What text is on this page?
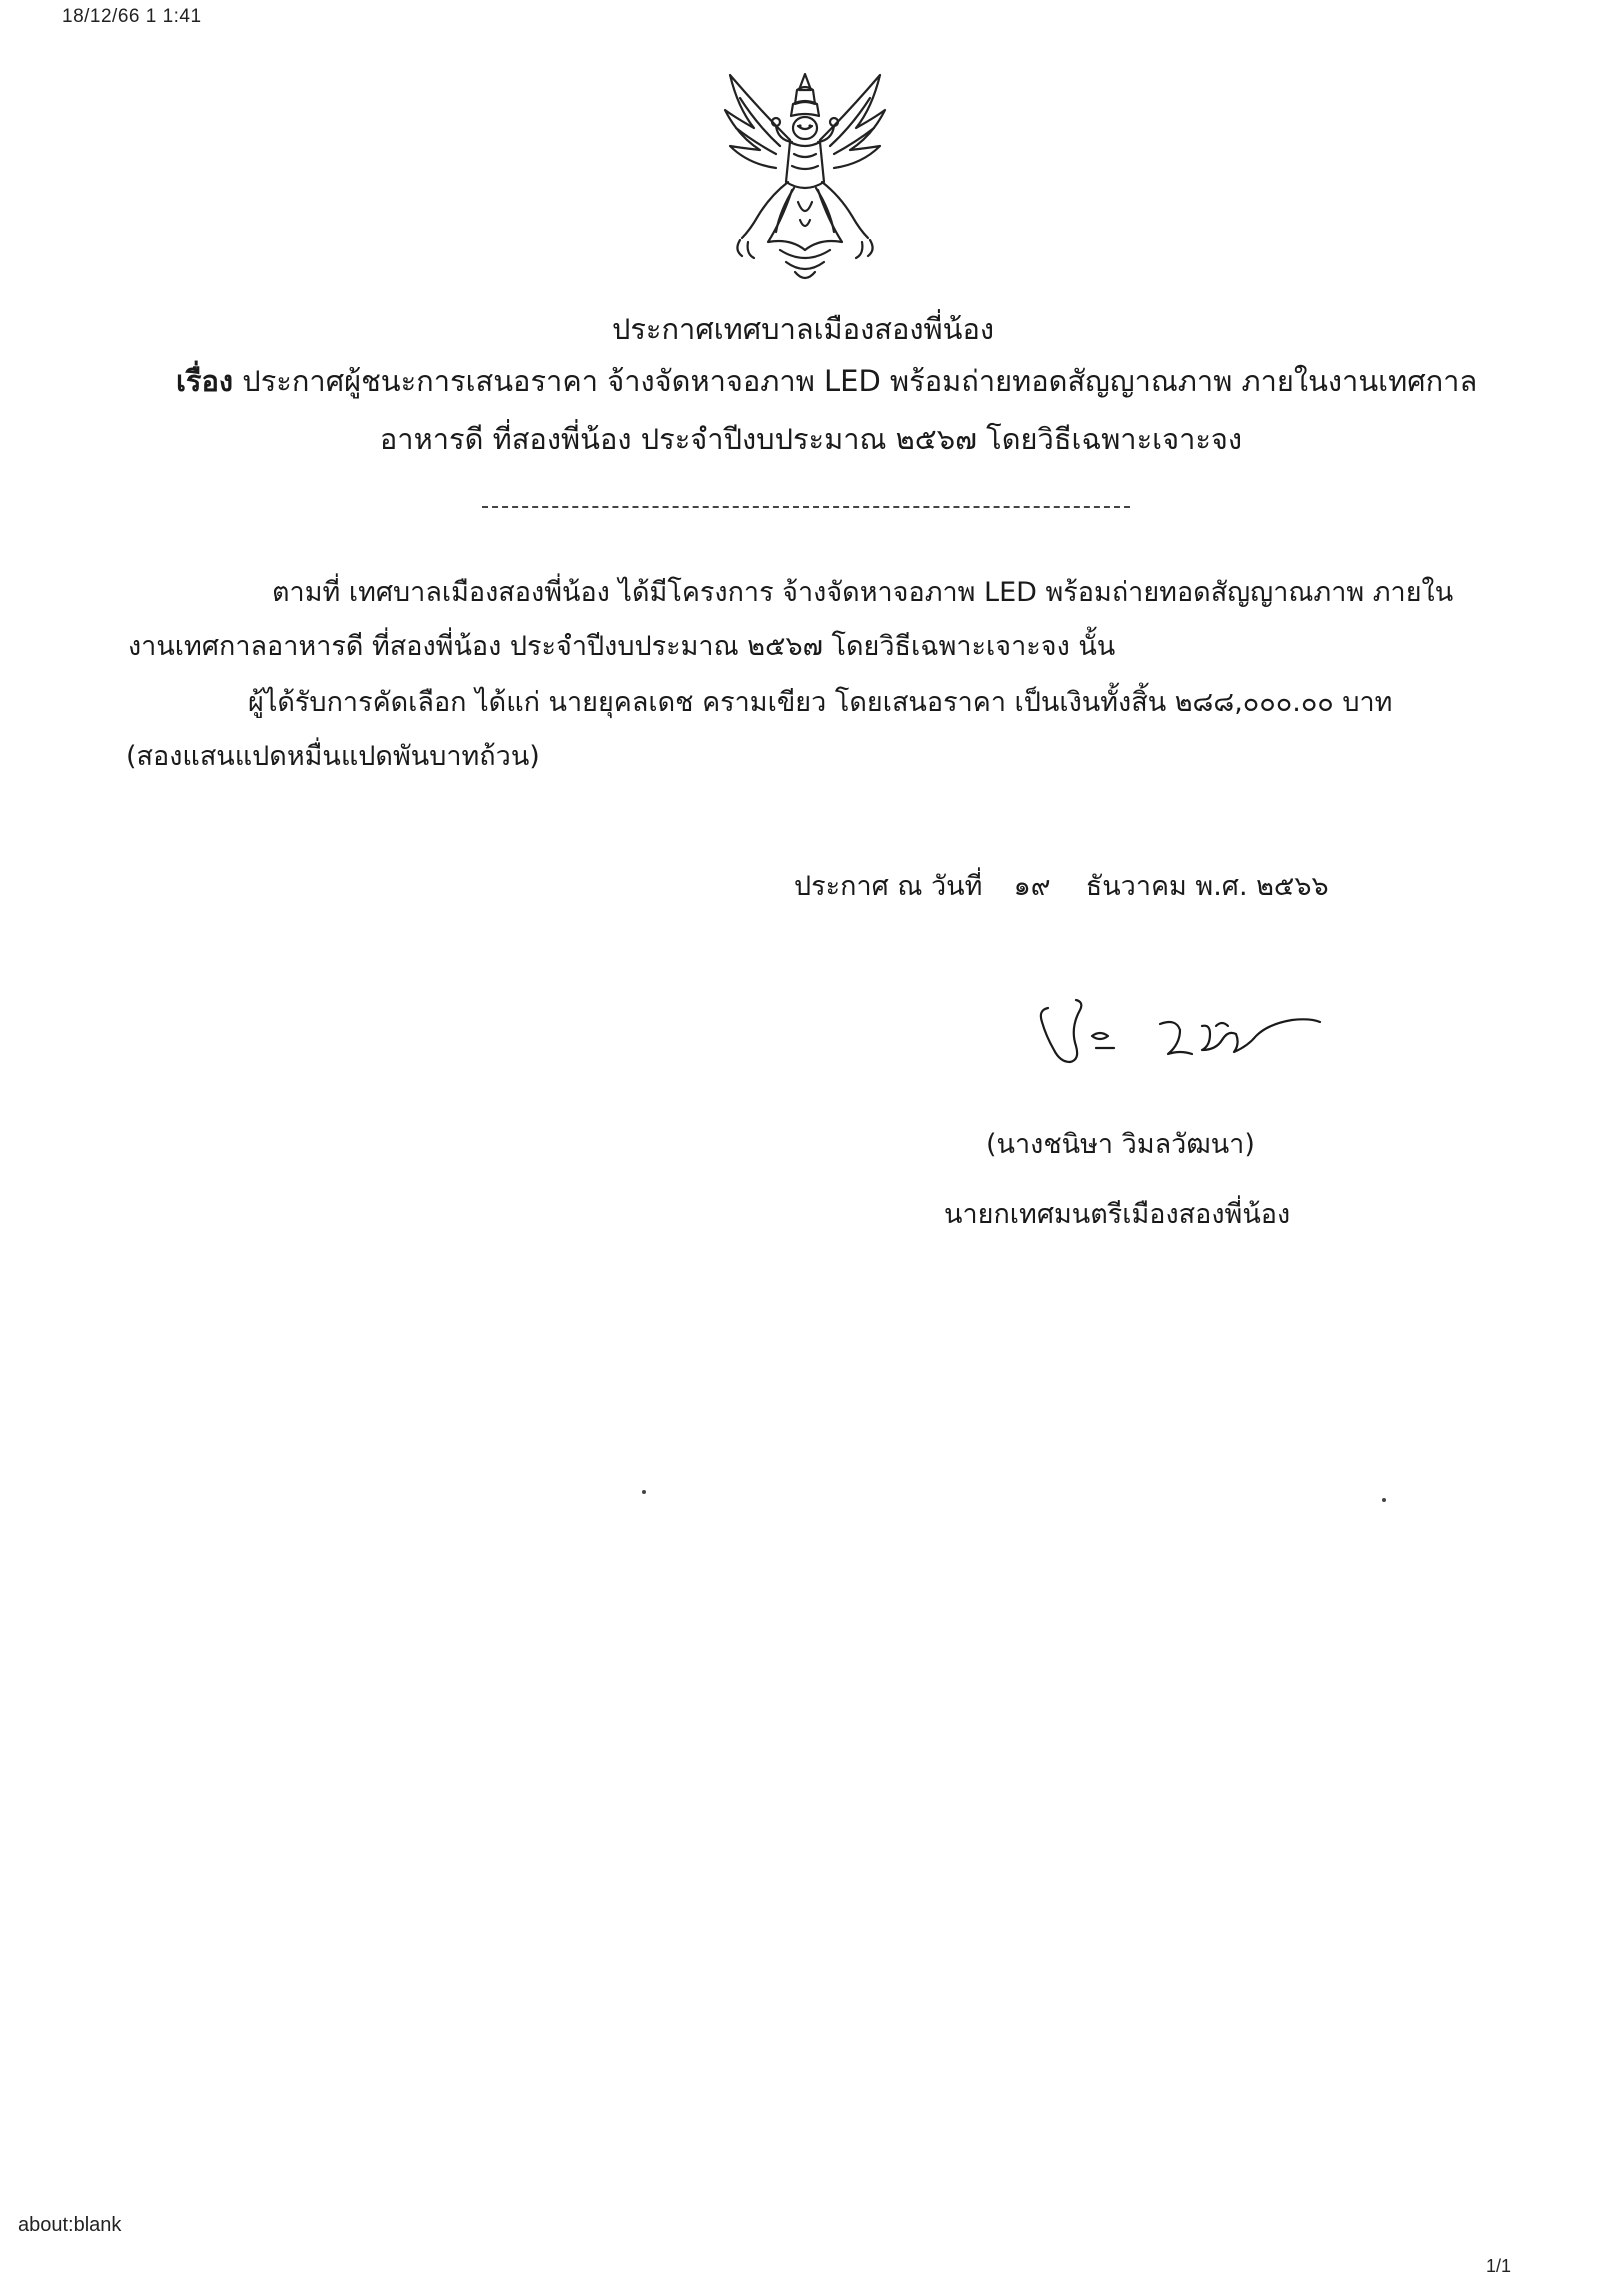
18/12/66 1 1:41
ประกาศเทศบาลเมืองสองพี่น้อง
เรื่อง ประกาศผู้ชนะการเสนอราคา จ้างจัดหาจอภาพ LED พร้อมถ่ายทอดสัญญาณภาพ ภายในงานเทศกาล
อาหารดี ที่สองพี่น้อง ประจำปีงบประมาณ ๒๕๖๗ โดยวิธีเฉพาะเจาะจง
ตามที่ เทศบาลเมืองสองพี่น้อง ได้มีโครงการ จ้างจัดหาจอภาพ LED พร้อมถ่ายทอดสัญญาณภาพ ภายใน
งานเทศกาลอาหารดี ที่สองพี่น้อง ประจำปีงบประมาณ ๒๕๖๗ โดยวิธีเฉพาะเจาะจง นั้น
ผู้ได้รับการคัดเลือก ได้แก่ นายยุคลเดช ครามเขียว โดยเสนอราคา เป็นเงินทั้งสิ้น ๒๘๘,๐๐๐.๐๐ บาท
(สองแสนแปดหมื่นแปดพันบาทถ้วน)
ประกาศ ณ วันที่ ๑๙ ธันวาคม พ.ศ. ๒๕๖๖
(นางชนิษา วิมลวัฒนา)
นายกเทศมนตรีเมืองสองพี่น้อง
about:blank
1/1
